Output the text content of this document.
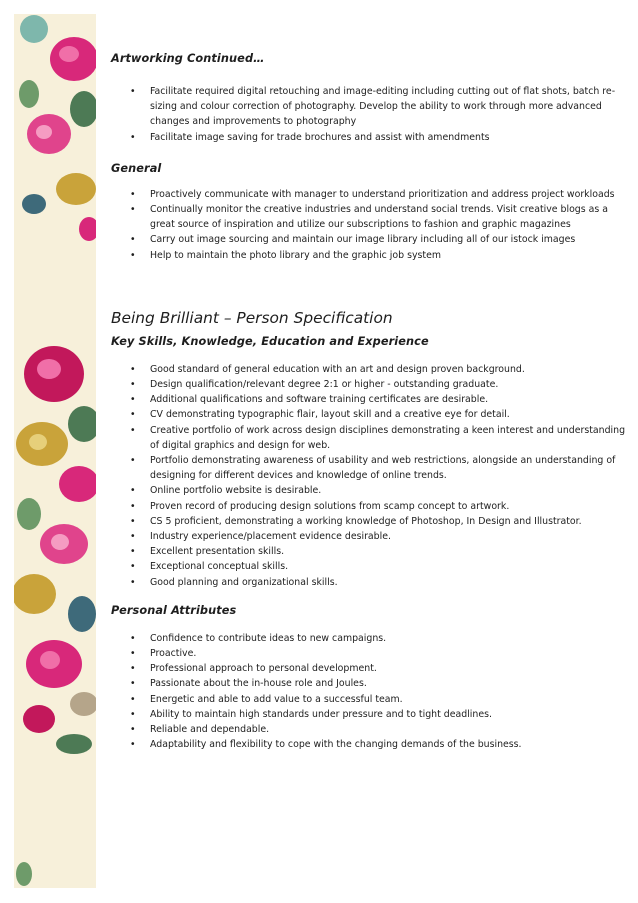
Artworking Continued…
• Facilitate required digital retouching and image-editing including cutting out of flat shots, batch re-sizing and colour correction of photography. Develop the ability to work through more advanced changes and improvements to photography
• Facilitate image saving for trade brochures and assist with amendments
General
• Proactively communicate with manager to understand prioritization and address project workloads
• Continually monitor the creative industries and understand social trends. Visit creative blogs as a great source of inspiration and utilize our subscriptions to fashion and graphic magazines
• Carry out image sourcing and maintain our image library including all of our istock images
• Help to maintain the photo library and the graphic job system
Being Brilliant – Person Specification
Key Skills, Knowledge, Education and Experience
• Good standard of general education with an art and design proven background.
• Design qualification/relevant degree 2:1 or higher - outstanding graduate.
• Additional qualifications and software training certificates are desirable.
• CV demonstrating typographic flair, layout skill and a creative eye for detail.
• Creative portfolio of work across design disciplines demonstrating a keen interest and understanding of digital graphics and design for web.
• Portfolio demonstrating awareness of usability and web restrictions, alongside an understanding of designing for different devices and knowledge of online trends.
• Online portfolio website is desirable.
• Proven record of producing design solutions from scamp concept to artwork.
• CS 5 proficient, demonstrating a working knowledge of Photoshop, In Design and Illustrator.
• Industry experience/placement evidence desirable.
• Excellent presentation skills.
• Exceptional conceptual skills.
• Good planning and organizational skills.
Personal Attributes
• Confidence to contribute ideas to new campaigns.
• Proactive.
• Professional approach to personal development.
• Passionate about the in-house role and Joules.
• Energetic and able to add value to a successful team.
• Ability to maintain high standards under pressure and to tight deadlines.
• Reliable and dependable.
• Adaptability and flexibility to cope with the changing demands of the business.
